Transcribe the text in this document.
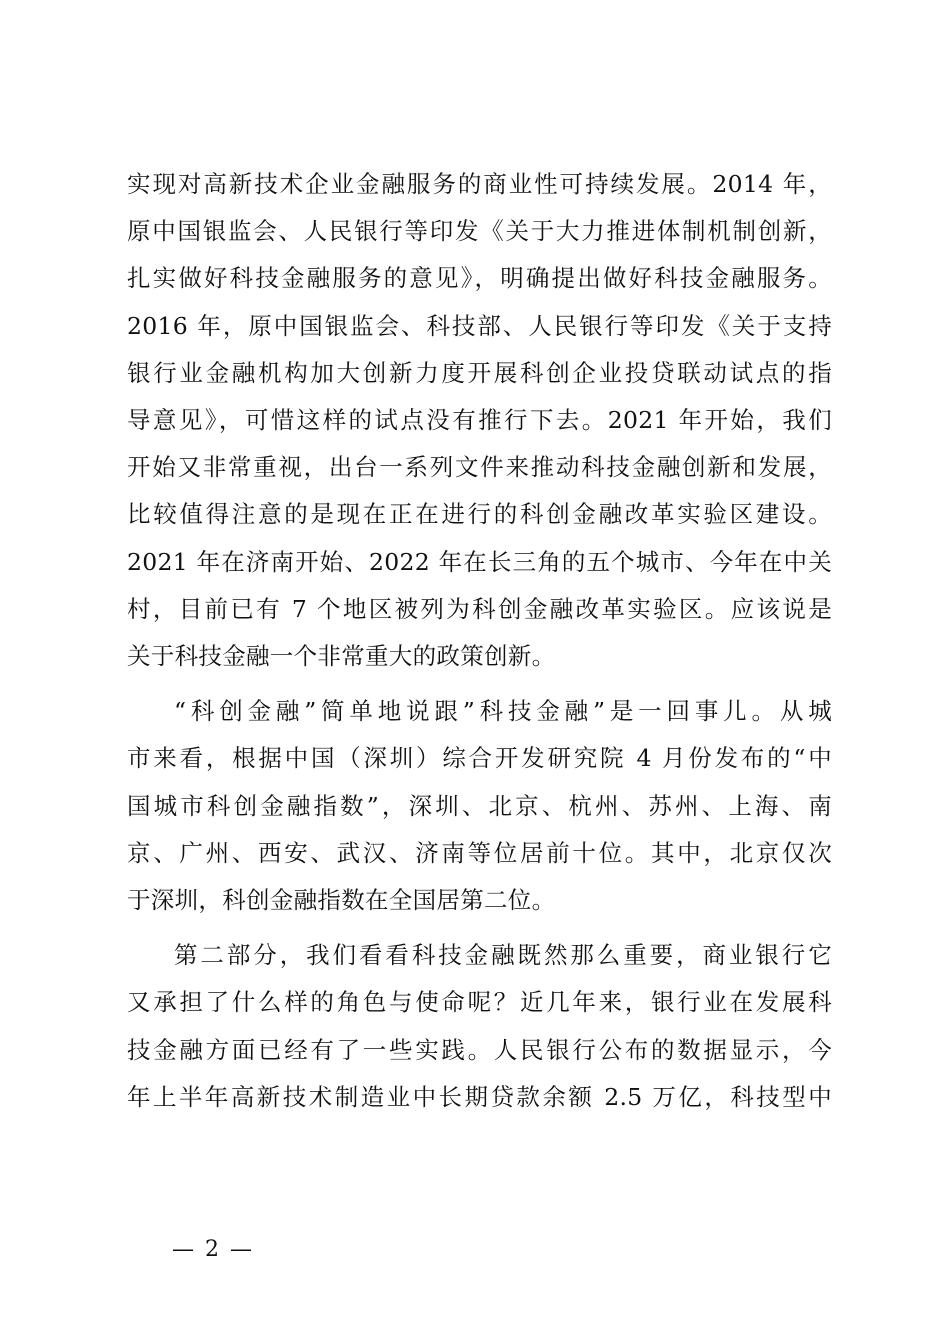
实现对高新技术企业金融服务的商业性可持续发展。2014 年，
原中国银监会、人民银行等印发《关于大力推进体制机制创新，
扎实做好科技金融服务的意见》，明确提出做好科技金融服务。
2016 年，原中国银监会、科技部、人民银行等印发《关于支持
银行业金融机构加大创新力度开展科创企业投贷联动试点的指
导意见》，可惜这样的试点没有推行下去。2021 年开始，我们
开始又非常重视，出台一系列文件来推动科技金融创新和发展，
比较值得注意的是现在正在进行的科创金融改革实验区建设。
2021 年在济南开始、2022 年在长三角的五个城市、今年在中关
村，目前已有 7 个地区被列为科创金融改革实验区。应该说是
关于科技金融一个非常重大的政策创新。

“科创金融”简单地说跟”科技金融”是一回事儿。从城
市来看，根据中国（深圳）综合开发研究院 4 月份发布的“中
国城市科创金融指数”，深圳、北京、杭州、苏州、上海、南
京、广州、西安、武汉、济南等位居前十位。其中，北京仅次
于深圳，科创金融指数在全国居第二位。

第二部分，我们看看科技金融既然那么重要，商业银行它
又承担了什么样的角色与使命呢？近几年来，银行业在发展科
技金融方面已经有了一些实践。人民银行公布的数据显示，今
年上半年高新技术制造业中长期贷款余额 2.5 万亿，科技型中

— 2 —
